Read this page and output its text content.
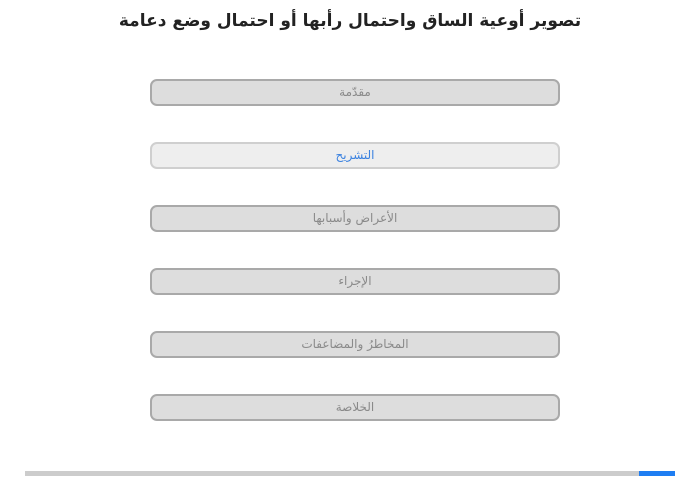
تصوير أوعية الساق واحتمال رأبها أو احتمال وضع دعامة
مقدّمة
التشريح
الأعراض وأسبابها
الإجراء
المخاطرُ والمضاعفات
الخلاصة
